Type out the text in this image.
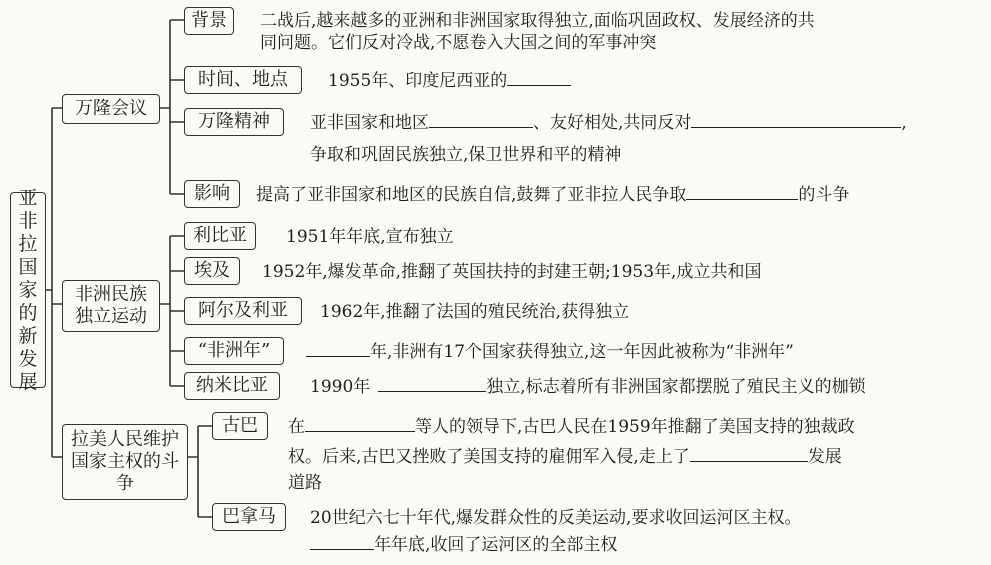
亚非拉国家的新发展
万隆会议
非洲民族独立运动
拉美人民维护国家主权的斗争
背景
时间、地点
万隆精神
影响
利比亚
埃及
阿尔及利亚
“非洲年”
纳米比亚
古巴
巴拿马
二战后,越来越多的亚洲和非洲国家取得独立,面临巩固政权、发展经济的共
同问题。它们反对冷战,不愿卷入大国之间的军事冲突
1955年、印度尼西亚的
亚非国家和地区	、友好相处,共同反对	,
争取和巩固民族独立,保卫世界和平的精神
提高了亚非国家和地区的民族自信,鼓舞了亚非拉人民争取	的斗争
1951年年底,宣布独立
1952年,爆发革命,推翻了英国扶持的封建王朝;1953年,成立共和国
1962年,推翻了法国的殖民统治,获得独立
年,非洲有17个国家获得独立,这一年因此被称为“非洲年”
1990年	独立,标志着所有非洲国家都摆脱了殖民主义的枷锁
在	等人的领导下,古巴人民在1959年推翻了美国支持的独裁政
权。后来,古巴又挫败了美国支持的雇佣军入侵,走上了	发展
道路
20世纪六七十年代,爆发群众性的反美运动,要求收回运河区主权。
年年底,收回了运河区的全部主权
